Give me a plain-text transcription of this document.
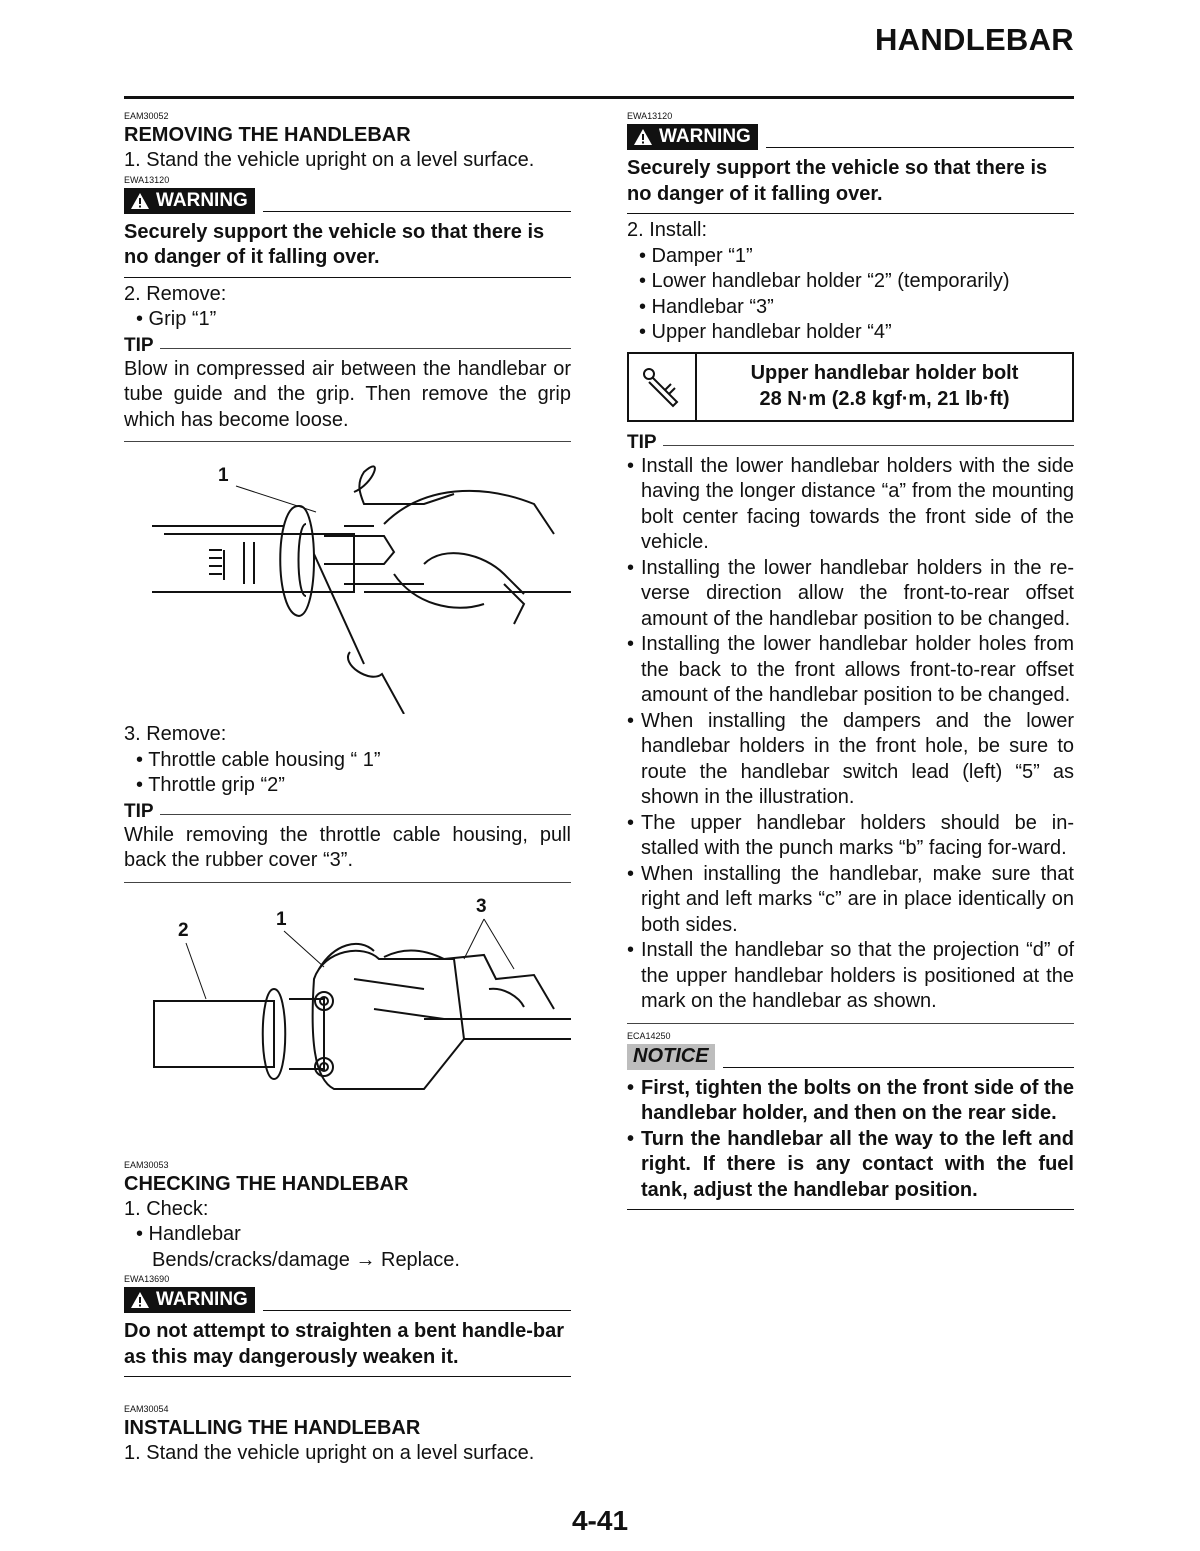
HANDLEBAR
EAM30052
REMOVING THE HANDLEBAR
1. Stand the vehicle upright on a level surface.
EWA13120
WARNING
Securely support the vehicle so that there is no danger of it falling over.
2. Remove:
• Grip “1”
TIP
Blow in compressed air between the handlebar or tube guide and the grip. Then remove the grip which has become loose.
1
3. Remove:
• Throttle cable housing “ 1”
• Throttle grip “2”
TIP
While removing the throttle cable housing, pull back the rubber cover “3”.
2
1
3
EAM30053
CHECKING THE HANDLEBAR
1. Check:
• Handlebar
Bends/cracks/damage → Replace.
EWA13690
WARNING
Do not attempt to straighten a bent handle-bar as this may dangerously weaken it.
EAM30054
INSTALLING THE HANDLEBAR
1. Stand the vehicle upright on a level surface.
EWA13120
WARNING
Securely support the vehicle so that there is no danger of it falling over.
2. Install:
• Damper “1”
• Lower handlebar holder “2” (temporarily)
• Handlebar “3”
• Upper handlebar holder “4”
Upper handlebar holder bolt
28 N·m (2.8 kgf·m, 21 lb·ft)
TIP
• Install the lower handlebar holders with the side having the longer distance “a” from the mounting bolt center facing towards the front side of the vehicle.
• Installing the lower handlebar holders in the re-verse direction allow the front-to-rear offset amount of the handlebar position to be changed.
• Installing the lower handlebar holder holes from the back to the front allows front-to-rear offset amount of the handlebar position to be changed.
• When installing the dampers and the lower handlebar holders in the front hole, be sure to route the handlebar switch lead (left) “5” as shown in the illustration.
• The upper handlebar holders should be in-stalled with the punch marks “b” facing for-ward.
• When installing the handlebar, make sure that right and left marks “c” are in place identically on both sides.
• Install the handlebar so that the projection “d” of the upper handlebar holders is positioned at the mark on the handlebar as shown.
ECA14250
NOTICE
• First, tighten the bolts on the front side of the handlebar holder, and then on the rear side.
• Turn the handlebar all the way to the left and right. If there is any contact with the fuel tank, adjust the handlebar position.
4-41
